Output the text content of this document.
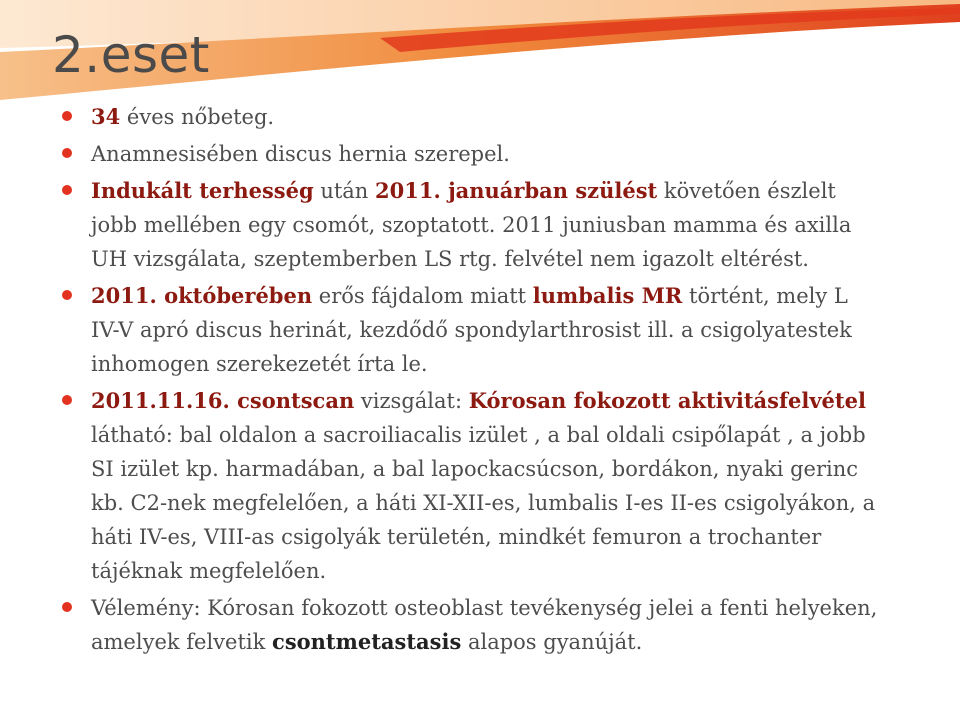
2.eset
34 éves nőbeteg.
Anamnesisében discus hernia szerepel.
Indukált terhesség után 2011. januárban szülést követően észlelt jobb mellében egy csomót, szoptatott. 2011 juniusban mamma és axilla UH vizsgálata, szeptemberben LS rtg. felvétel nem igazolt eltérést.
2011. októberében erős fájdalom miatt lumbalis MR történt, mely L IV-V apró discus herinát, kezdődő spondylarthrosist ill. a csigolyatestek inhomogen szerekezetét írta le.
2011.11.16. csontscan vizsgálat: Kórosan fokozott aktivitásfelvétel látható: bal oldalon a sacroiliacalis izület , a bal oldali csipőlapát , a jobb SI izület kp. harmadában, a bal lapockacsúcson, bordákon, nyaki gerinc kb. C2-nek megfelelően, a háti XI-XII-es, lumbalis I-es II-es csigolyákon, a háti IV-es, VIII-as csigolyák területén, mindkét femuron a trochanter tájéknak megfelelően.
Vélemény: Kórosan fokozott osteoblast tevékenység jelei a fenti helyeken, amelyek felvetik csontmetastasis alapos gyanúját.
